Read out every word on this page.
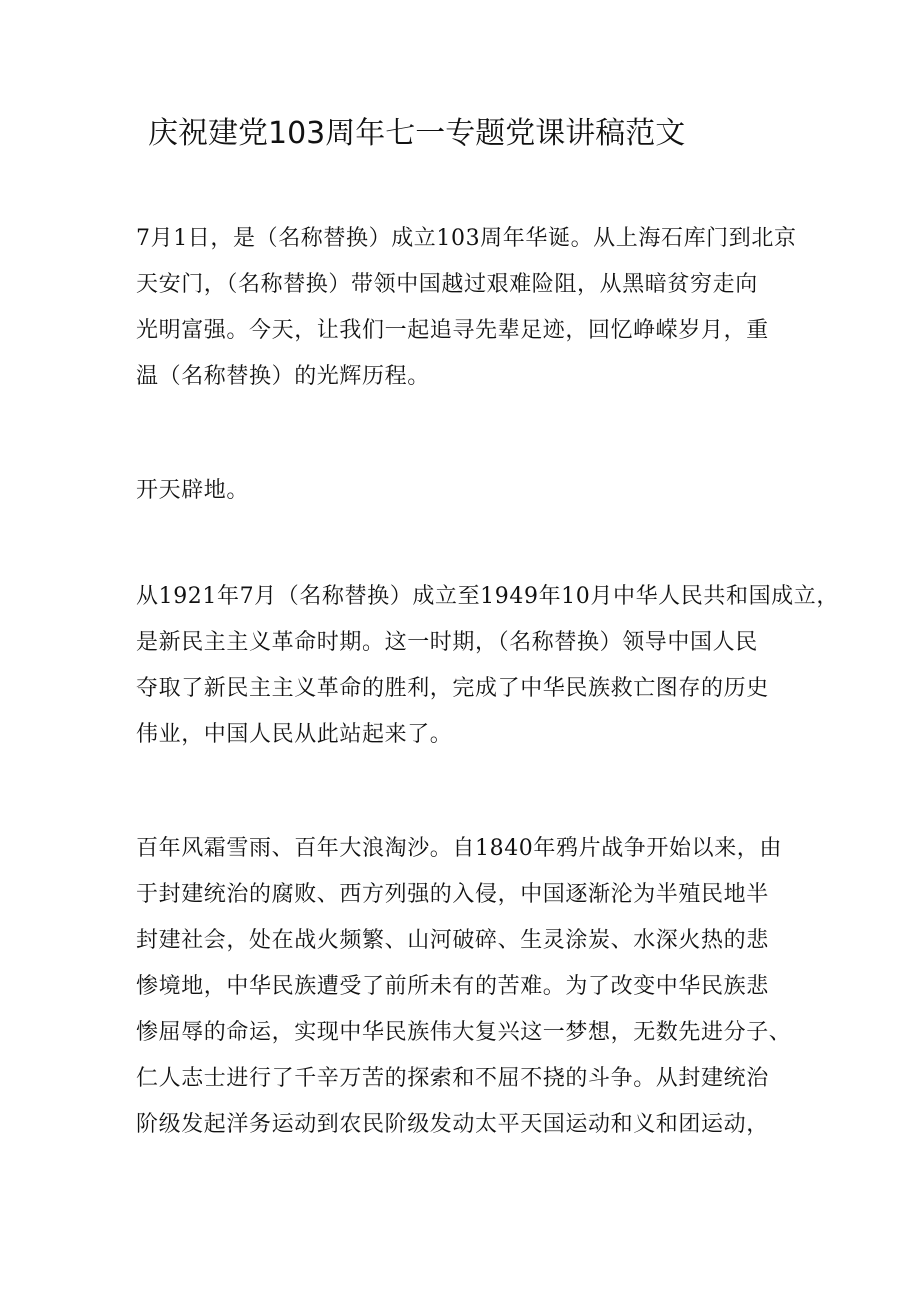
庆祝建党103周年七一专题党课讲稿范文

7月1日，是（名称替换）成立103周年华诞。从上海石库门到北京
天安门，（名称替换）带领中国越过艰难险阻，从黑暗贫穷走向
光明富强。今天，让我们一起追寻先辈足迹，回忆峥嵘岁月，重
温（名称替换）的光辉历程。

开天辟地。

从1921年7月（名称替换）成立至1949年10月中华人民共和国成立，
是新民主主义革命时期。这一时期，（名称替换）领导中国人民
夺取了新民主主义革命的胜利，完成了中华民族救亡图存的历史
伟业，中国人民从此站起来了。

百年风霜雪雨、百年大浪淘沙。自1840年鸦片战争开始以来，由
于封建统治的腐败、西方列强的入侵，中国逐渐沦为半殖民地半
封建社会，处在战火频繁、山河破碎、生灵涂炭、水深火热的悲
惨境地，中华民族遭受了前所未有的苦难。为了改变中华民族悲
惨屈辱的命运，实现中华民族伟大复兴这一梦想，无数先进分子、
仁人志士进行了千辛万苦的探索和不屈不挠的斗争。从封建统治
阶级发起洋务运动到农民阶级发动太平天国运动和义和团运动，
